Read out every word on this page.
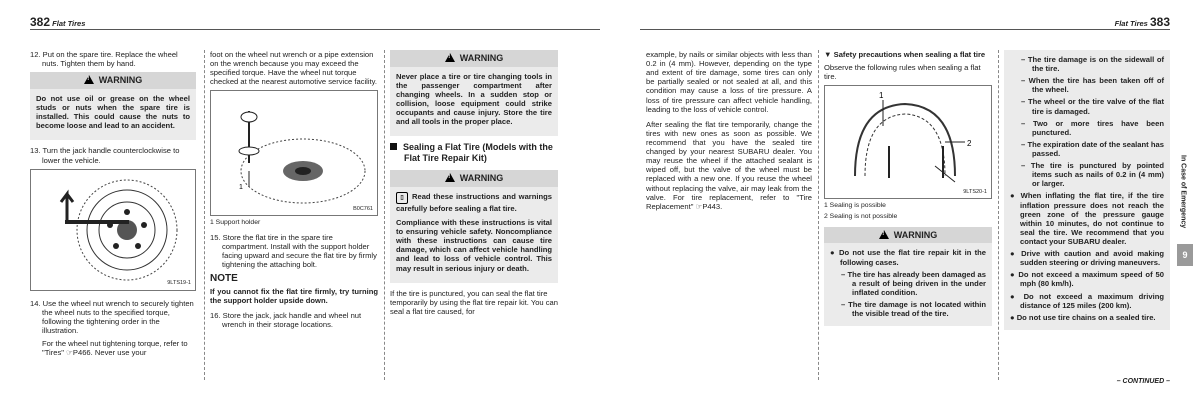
382 Flat Tires

12. Put on the spare tire. Replace the wheel nuts. Tighten them by hand.

!WARNING

Do not use oil or grease on the wheel studs or nuts when the spare tire is installed. This could cause the nuts to become loose and lead to an accident.

13. Turn the jack handle counterclockwise to lower the vehicle.

9LTS19-1

14. Use the wheel nut wrench to securely tighten the wheel nuts to the specified torque, following the tightening order in the illustration.

For the wheel nut tightening torque, refer to "Tires" ☞P466. Never use your

foot on the wheel nut wrench or a pipe extension on the wrench because you may exceed the specified torque. Have the wheel nut torque checked at the nearest automotive service facility.

1
B0C761

1 Support holder

15. Store the flat tire in the spare tire compartment. Install with the support holder facing upward and secure the flat tire by firmly tightening the attaching bolt.

NOTE

If you cannot fix the flat tire firmly, try turning the support holder upside down.

16. Store the jack, jack handle and wheel nut wrench in their storage locations.

!WARNING

Never place a tire or tire changing tools in the passenger compartment after changing wheels. In a sudden stop or collision, loose equipment could strike occupants and cause injury. Store the tire and all tools in the proper place.

Sealing a Flat Tire (Models with the Flat Tire Repair Kit)
!WARNING

▯ Read these instructions and warnings carefully before sealing a flat tire.

Compliance with these instructions is vital to ensuring vehicle safety. Noncompliance with these instructions can cause tire damage, which can affect vehicle handling and lead to loss of vehicle control. This may result in serious injury or death.

If the tire is punctured, you can seal the flat tire temporarily by using the flat tire repair kit. You can seal a flat tire caused, for

Flat Tires 383

example, by nails or similar objects with less than 0.2 in (4 mm). However, depending on the type and extent of tire damage, some tires can only be partially sealed or not sealed at all, and this condition may cause a loss of tire pressure. A loss of tire pressure can affect vehicle handling, leading to the loss of vehicle control.

After sealing the flat tire temporarily, change the tires with new ones as soon as possible. We recommend that you have the sealed tire changed by your nearest SUBARU dealer. You may reuse the wheel if the attached sealant is wiped off, but the valve of the wheel must be replaced with a new one. If you reuse the wheel without replacing the valve, air may leak from the valve. For tire replacement, refer to "Tire Replacement" ☞P443.

▼ Safety precautions when sealing a flat tire

Observe the following rules when sealing a flat tire.

1
2
9LTS20-1

1 Sealing is possible

2 Sealing is not possible

!WARNING
● Do not use the flat tire repair kit in the following cases.
– The tire has already been damaged as a result of being driven in the under inflated condition.
– The tire damage is not located within the visible tread of the tire.
– The tire damage is on the sidewall of the tire.
– When the tire has been taken off of the wheel.
– The wheel or the tire valve of the flat tire is damaged.
– Two or more tires have been punctured.
– The expiration date of the sealant has passed.
– The tire is punctured by pointed items such as nails of 0.2 in (4 mm) or larger.
● When inflating the flat tire, if the tire inflation pressure does not reach the green zone of the pressure gauge within 10 minutes, do not continue to seal the tire. We recommend that you contact your SUBARU dealer.
● Drive with caution and avoid making sudden steering or driving maneuvers.
● Do not exceed a maximum speed of 50 mph (80 km/h).
● Do not exceed a maximum driving distance of 125 miles (200 km).
● Do not use tire chains on a sealed tire.
In Case of Emergency
9
– CONTINUED –
